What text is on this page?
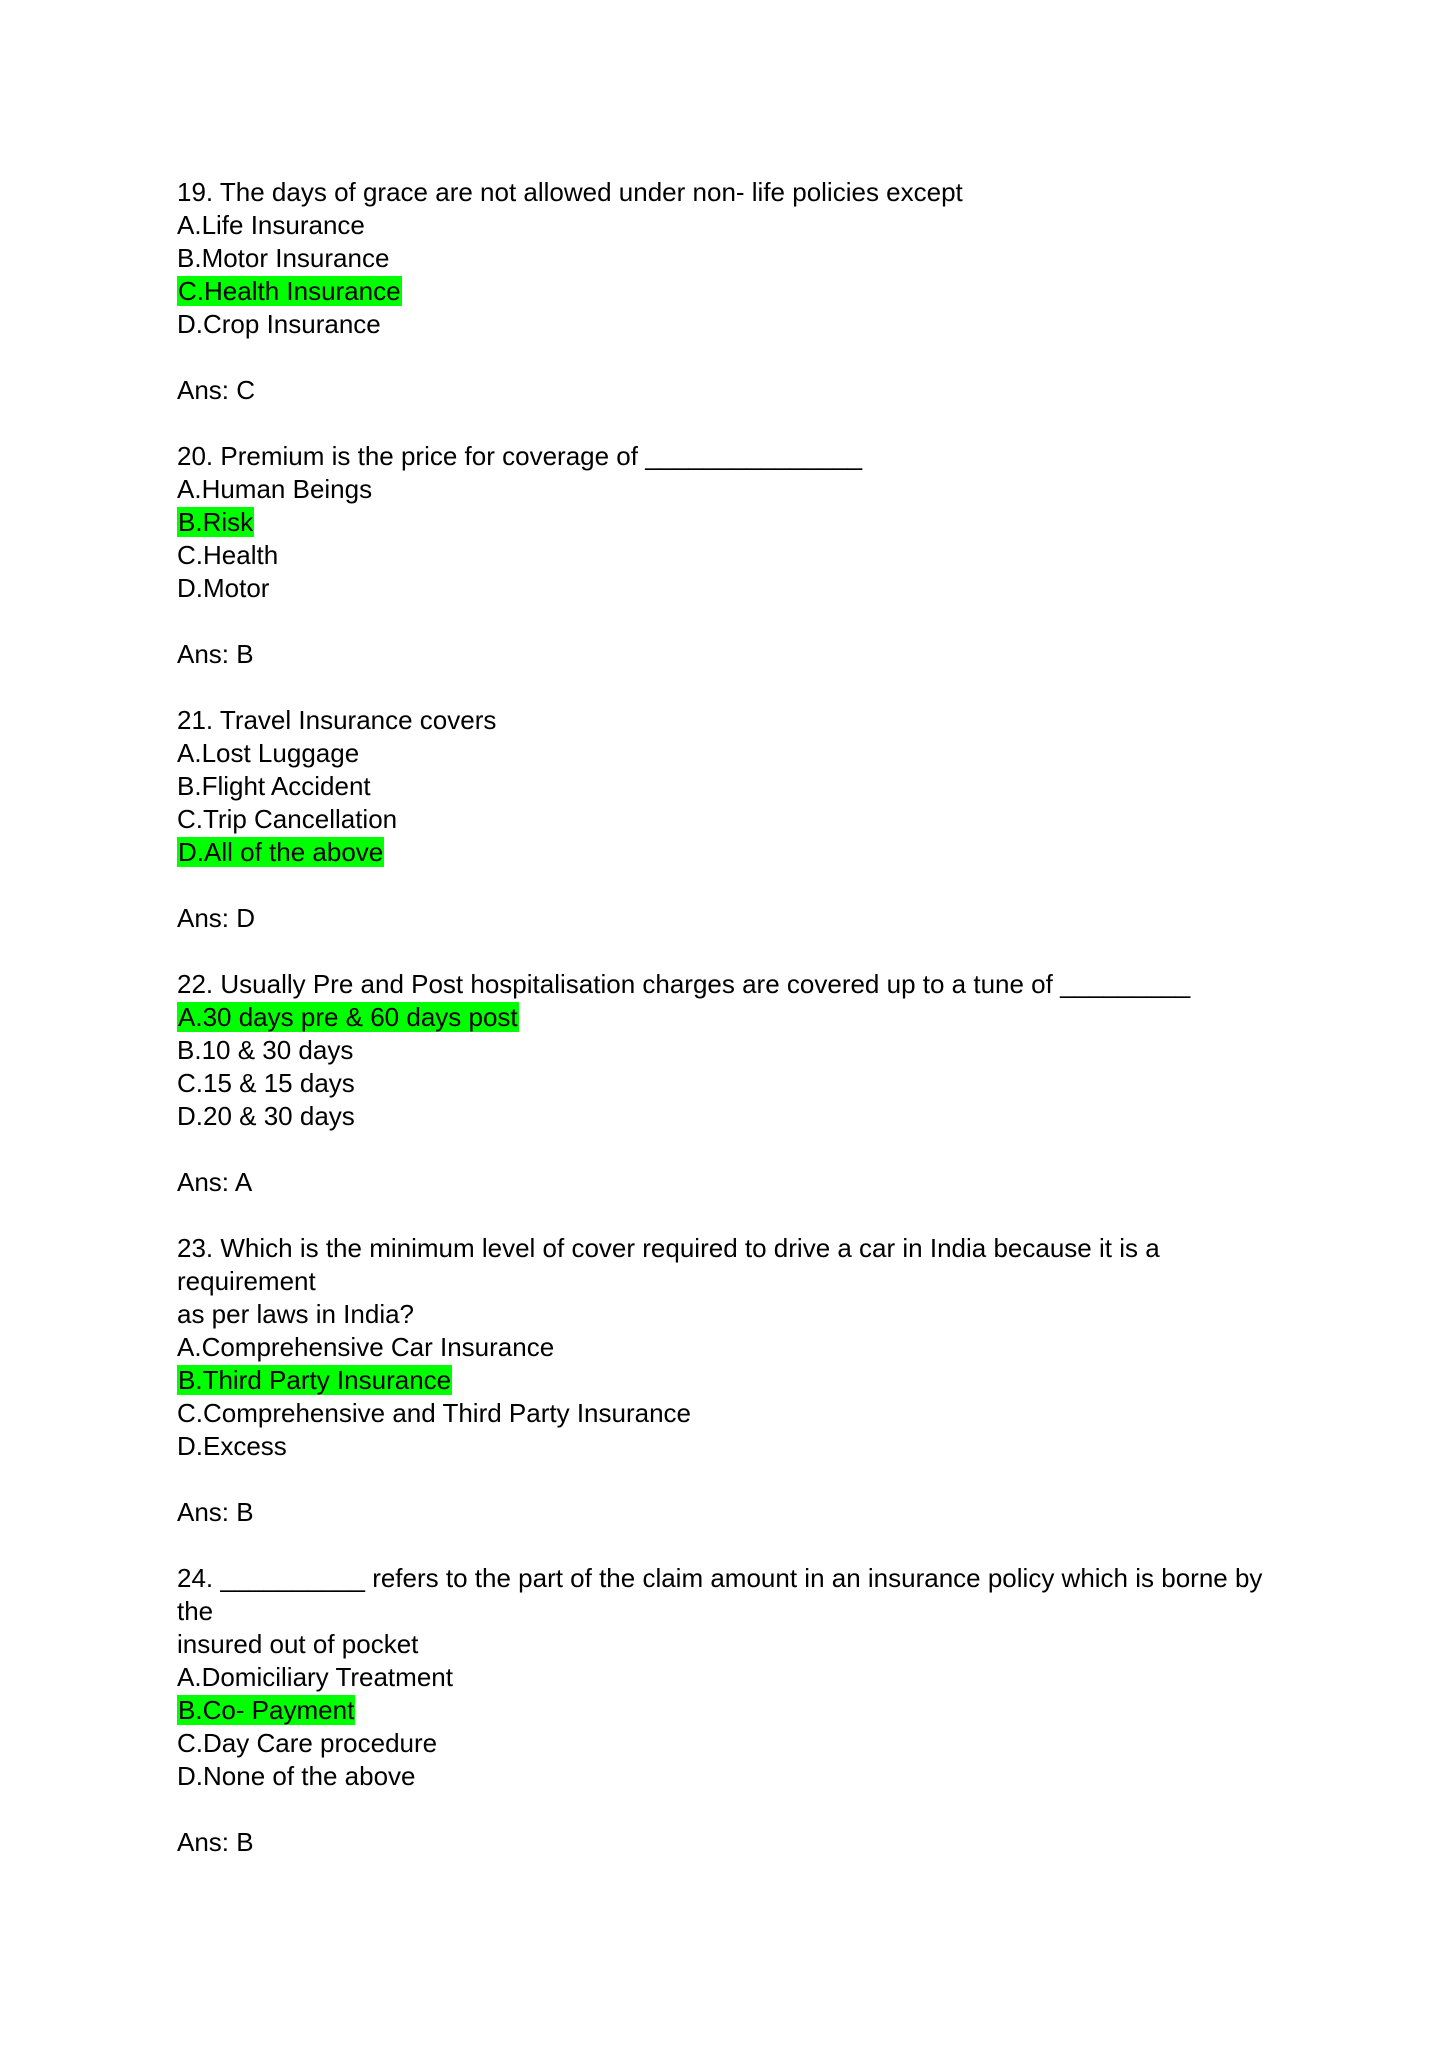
19. The days of grace are not allowed under non- life policies except
A.Life Insurance
B.Motor Insurance
C.Health Insurance
D.Crop Insurance
Ans: C
20. Premium is the price for coverage of _______________
A.Human Beings
B.Risk
C.Health
D.Motor
Ans: B
21. Travel Insurance covers
A.Lost Luggage
B.Flight Accident
C.Trip Cancellation
D.All of the above
Ans: D
22. Usually Pre and Post hospitalisation charges are covered up to a tune of _________
A.30 days pre & 60 days post
B.10 & 30 days
C.15 & 15 days
D.20 & 30 days
Ans: A
23. Which is the minimum level of cover required to drive a car in India because it is a requirement
as per laws in India?
A.Comprehensive Car Insurance
B.Third Party Insurance
C.Comprehensive and Third Party Insurance
D.Excess
Ans: B
24. __________ refers to the part of the claim amount in an insurance policy which is borne by the
insured out of pocket
A.Domiciliary Treatment
B.Co- Payment
C.Day Care procedure
D.None of the above
Ans: B
